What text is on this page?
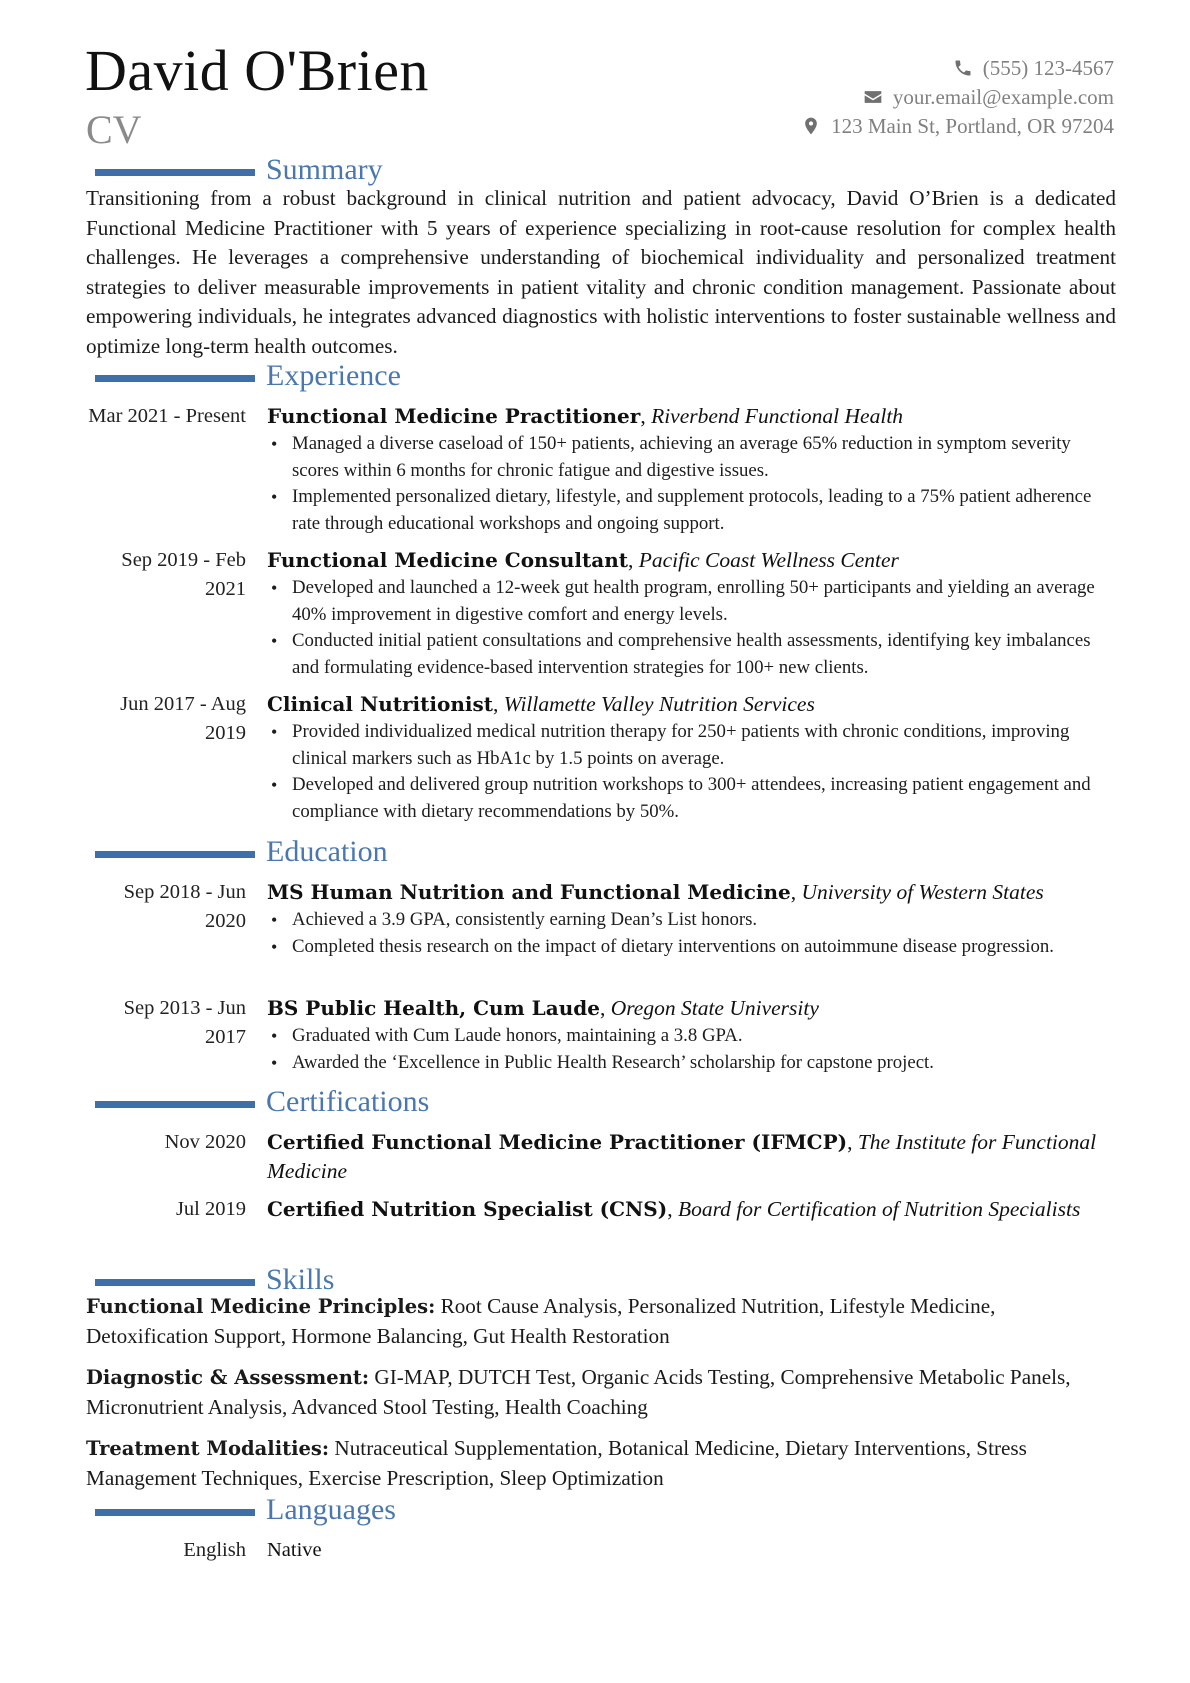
David O'Brien
CV
(555) 123-4567
your.email@example.com
123 Main St, Portland, OR 97204
Summary

Transitioning from a robust background in clinical nutrition and patient advocacy, David O’Brien is a dedicated Functional Medicine Practitioner with 5 years of experience specializing in root-cause resolution for complex health challenges. He leverages a comprehensive understanding of biochemical individuality and personalized treatment strategies to deliver measurable improvements in patient vitality and chronic condition management. Passionate about empowering individuals, he integrates advanced diagnostics with holistic interventions to foster sustainable wellness and optimize long-term health outcomes.

Experience
Mar 2021 - Present Functional Medicine Practitioner, Riverbend Functional Health
• Managed a diverse caseload of 150+ patients, achieving an average 65% reduction in symptom severity scores within 6 months for chronic fatigue and digestive issues.
• Implemented personalized dietary, lifestyle, and supplement protocols, leading to a 75% patient adherence rate through educational workshops and ongoing support.
Sep 2019 - Feb 2021
Functional Medicine Consultant, Pacific Coast Wellness Center
• Developed and launched a 12-week gut health program, enrolling 50+ participants and yielding an average 40% improvement in digestive comfort and energy levels.
• Conducted initial patient consultations and comprehensive health assessments, identifying key imbalances and formulating evidence-based intervention strategies for 100+ new clients.
Jun 2017 - Aug 2019
Clinical Nutritionist, Willamette Valley Nutrition Services
• Provided individualized medical nutrition therapy for 250+ patients with chronic conditions, improving clinical markers such as HbA1c by 1.5 points on average.
• Developed and delivered group nutrition workshops to 300+ attendees, increasing patient engagement and compliance with dietary recommendations by 50%.
Education
Sep 2018 - Jun 2020
MS Human Nutrition and Functional Medicine, University of Western States
• Achieved a 3.9 GPA, consistently earning Dean’s List honors.
• Completed thesis research on the impact of dietary interventions on autoimmune disease progression.
Sep 2013 - Jun 2017
BS Public Health, Cum Laude, Oregon State University
• Graduated with Cum Laude honors, maintaining a 3.8 GPA.
• Awarded the ‘Excellence in Public Health Research’ scholarship for capstone project.
Certifications
Nov 2020 Certified Functional Medicine Practitioner (IFMCP), The Institute for Functional Medicine
Jul 2019 Certified Nutrition Specialist (CNS), Board for Certification of Nutrition Specialists
Skills
Functional Medicine Principles: Root Cause Analysis, Personalized Nutrition, Lifestyle Medicine, Detoxification Support, Hormone Balancing, Gut Health Restoration
Diagnostic & Assessment: GI-MAP, DUTCH Test, Organic Acids Testing, Comprehensive Metabolic Panels, Micronutrient Analysis, Advanced Stool Testing, Health Coaching
Treatment Modalities: Nutraceutical Supplementation, Botanical Medicine, Dietary Interventions, Stress Management Techniques, Exercise Prescription, Sleep Optimization
Languages
English Native
